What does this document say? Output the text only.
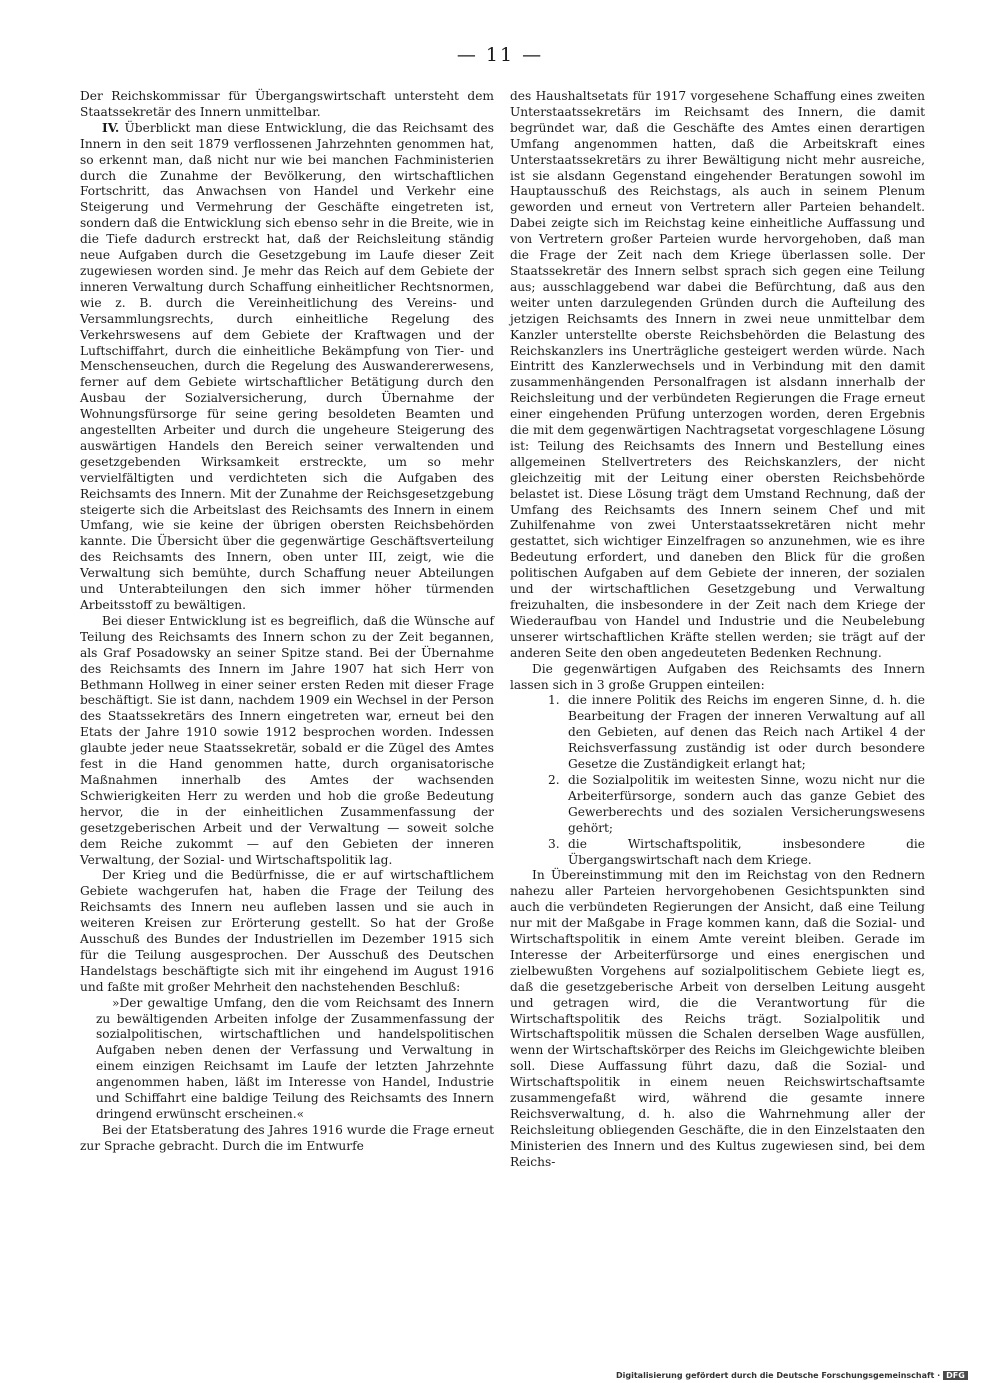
— 11 —

Der Reichskommissar für Übergangswirtschaft untersteht dem Staatssekretär des Innern unmittelbar.

IV. Überblickt man diese Entwicklung, die das Reichsamt des Innern in den seit 1879 verflossenen Jahrzehnten genommen hat, so erkennt man, daß nicht nur wie bei manchen Fachministerien durch die Zunahme der Bevölkerung, den wirtschaftlichen Fortschritt, das Anwachsen von Handel und Verkehr eine Steigerung und Vermehrung der Geschäfte eingetreten ist, sondern daß die Entwicklung sich ebenso sehr in die Breite, wie in die Tiefe dadurch erstreckt hat, daß der Reichsleitung ständig neue Aufgaben durch die Gesetzgebung im Laufe dieser Zeit zugewiesen worden sind. Je mehr das Reich auf dem Gebiete der inneren Verwaltung durch Schaffung einheitlicher Rechtsnormen, wie z. B. durch die Vereinheitlichung des Vereins- und Versammlungsrechts, durch einheitliche Regelung des Verkehrswesens auf dem Gebiete der Kraftwagen und der Luftschiffahrt, durch die einheitliche Bekämpfung von Tier- und Menschenseuchen, durch die Regelung des Auswandererwesens, ferner auf dem Gebiete wirtschaftlicher Betätigung durch den Ausbau der Sozialversicherung, durch Übernahme der Wohnungsfürsorge für seine gering besoldeten Beamten und angestellten Arbeiter und durch die ungeheure Steigerung des auswärtigen Handels den Bereich seiner verwaltenden und gesetzgebenden Wirksamkeit erstreckte, um so mehr vervielfältigten und verdichteten sich die Aufgaben des Reichsamts des Innern. Mit der Zunahme der Reichsgesetzgebung steigerte sich die Arbeitslast des Reichsamts des Innern in einem Umfang, wie sie keine der übrigen obersten Reichsbehörden kannte. Die Übersicht über die gegenwärtige Geschäftsverteilung des Reichsamts des Innern, oben unter III, zeigt, wie die Verwaltung sich bemühte, durch Schaffung neuer Abteilungen und Unterabteilungen den sich immer höher türmenden Arbeitsstoff zu bewältigen.

Bei dieser Entwicklung ist es begreiflich, daß die Wünsche auf Teilung des Reichsamts des Innern schon zu der Zeit begannen, als Graf Posadowsky an seiner Spitze stand. Bei der Übernahme des Reichsamts des Innern im Jahre 1907 hat sich Herr von Bethmann Hollweg in einer seiner ersten Reden mit dieser Frage beschäftigt. Sie ist dann, nachdem 1909 ein Wechsel in der Person des Staatssekretärs des Innern eingetreten war, erneut bei den Etats der Jahre 1910 sowie 1912 besprochen worden. Indessen glaubte jeder neue Staatssekretär, sobald er die Zügel des Amtes fest in die Hand genommen hatte, durch organisatorische Maßnahmen innerhalb des Amtes der wachsenden Schwierigkeiten Herr zu werden und hob die große Bedeutung hervor, die in der einheitlichen Zusammenfassung der gesetzgeberischen Arbeit und der Verwaltung — soweit solche dem Reiche zukommt — auf den Gebieten der inneren Verwaltung, der Sozial- und Wirtschaftspolitik lag.

Der Krieg und die Bedürfnisse, die er auf wirtschaftlichem Gebiete wachgerufen hat, haben die Frage der Teilung des Reichsamts des Innern neu aufleben lassen und sie auch in weiteren Kreisen zur Erörterung gestellt. So hat der Große Ausschuß des Bundes der Industriellen im Dezember 1915 sich für die Teilung ausgesprochen. Der Ausschuß des Deutschen Handelstags beschäftigte sich mit ihr eingehend im August 1916 und faßte mit großer Mehrheit den nachstehenden Beschluß:

»Der gewaltige Umfang, den die vom Reichsamt des Innern zu bewältigenden Arbeiten infolge der Zusammenfassung der sozialpolitischen, wirtschaftlichen und handelspolitischen Aufgaben neben denen der Verfassung und Verwaltung in einem einzigen Reichsamt im Laufe der letzten Jahrzehnte angenommen haben, läßt im Interesse von Handel, Industrie und Schiffahrt eine baldige Teilung des Reichsamts des Innern dringend erwünscht erscheinen.«

Bei der Etatsberatung des Jahres 1916 wurde die Frage erneut zur Sprache gebracht. Durch die im Entwurfe

des Haushaltsetats für 1917 vorgesehene Schaffung eines zweiten Unterstaatssekretärs im Reichsamt des Innern, die damit begründet war, daß die Geschäfte des Amtes einen derartigen Umfang angenommen hatten, daß die Arbeitskraft eines Unterstaatssekretärs zu ihrer Bewältigung nicht mehr ausreiche, ist sie alsdann Gegenstand eingehender Beratungen sowohl im Hauptausschuß des Reichstags, als auch in seinem Plenum geworden und erneut von Vertretern aller Parteien behandelt. Dabei zeigte sich im Reichstag keine einheitliche Auffassung und von Vertretern großer Parteien wurde hervorgehoben, daß man die Frage der Zeit nach dem Kriege überlassen solle. Der Staatssekretär des Innern selbst sprach sich gegen eine Teilung aus; ausschlaggebend war dabei die Befürchtung, daß aus den weiter unten darzulegenden Gründen durch die Aufteilung des jetzigen Reichsamts des Innern in zwei neue unmittelbar dem Kanzler unterstellte oberste Reichsbehörden die Belastung des Reichskanzlers ins Unerträgliche gesteigert werden würde. Nach Eintritt des Kanzlerwechsels und in Verbindung mit den damit zusammenhängenden Personalfragen ist alsdann innerhalb der Reichsleitung und der verbündeten Regierungen die Frage erneut einer eingehenden Prüfung unterzogen worden, deren Ergebnis die mit dem gegenwärtigen Nachtragsetat vorgeschlagene Lösung ist: Teilung des Reichsamts des Innern und Bestellung eines allgemeinen Stellvertreters des Reichskanzlers, der nicht gleichzeitig mit der Leitung einer obersten Reichsbehörde belastet ist. Diese Lösung trägt dem Umstand Rechnung, daß der Umfang des Reichsamts des Innern seinem Chef und mit Zuhilfenahme von zwei Unterstaatssekretären nicht mehr gestattet, sich wichtiger Einzelfragen so anzunehmen, wie es ihre Bedeutung erfordert, und daneben den Blick für die großen politischen Aufgaben auf dem Gebiete der inneren, der sozialen und der wirtschaftlichen Gesetzgebung und Verwaltung freizuhalten, die insbesondere in der Zeit nach dem Kriege der Wiederaufbau von Handel und Industrie und die Neubelebung unserer wirtschaftlichen Kräfte stellen werden; sie trägt auf der anderen Seite den oben angedeuteten Bedenken Rechnung.

Die gegenwärtigen Aufgaben des Reichsamts des Innern lassen sich in 3 große Gruppen einteilen:

1. die innere Politik des Reichs im engeren Sinne, d. h. die Bearbeitung der Fragen der inneren Verwaltung auf all den Gebieten, auf denen das Reich nach Artikel 4 der Reichsverfassung zuständig ist oder durch besondere Gesetze die Zuständigkeit erlangt hat;
2. die Sozialpolitik im weitesten Sinne, wozu nicht nur die Arbeiterfürsorge, sondern auch das ganze Gebiet des Gewerberechts und des sozialen Versicherungswesens gehört;
3. die Wirtschaftspolitik, insbesondere die Übergangswirtschaft nach dem Kriege.

In Übereinstimmung mit den im Reichstag von den Rednern nahezu aller Parteien hervorgehobenen Gesichtspunkten sind auch die verbündeten Regierungen der Ansicht, daß eine Teilung nur mit der Maßgabe in Frage kommen kann, daß die Sozial- und Wirtschaftspolitik in einem Amte vereint bleiben. Gerade im Interesse der Arbeiterfürsorge und eines energischen und zielbewußten Vorgehens auf sozialpolitischem Gebiete liegt es, daß die gesetzgeberische Arbeit von derselben Leitung ausgeht und getragen wird, die die Verantwortung für die Wirtschaftspolitik des Reichs trägt. Sozialpolitik und Wirtschaftspolitik müssen die Schalen derselben Wage ausfüllen, wenn der Wirtschaftskörper des Reichs im Gleichgewichte bleiben soll. Diese Auffassung führt dazu, daß die Sozial- und Wirtschaftspolitik in einem neuen Reichswirtschaftsamte zusammengefaßt wird, während die gesamte innere Reichsverwaltung, d. h. also die Wahrnehmung aller der Reichsleitung obliegenden Geschäfte, die in den Einzelstaaten den Ministerien des Innern und des Kultus zugewiesen sind, bei dem Reichs-

Digitalisierung gefördert durch die Deutsche Forschungsgemeinschaft · DFG
